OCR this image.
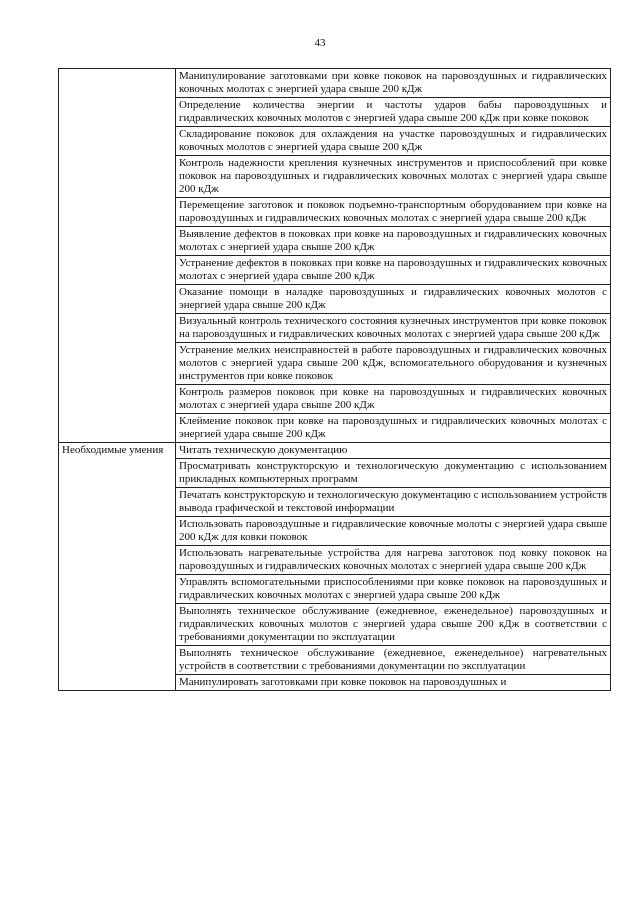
43
	Манипулирование заготовками при ковке поковок на паровоздушных и гидравлических ковочных молотах с энергией удара свыше 200 кДж
	Определение количества энергии и частоты ударов бабы паровоздушных и гидравлических ковочных молотов с энергией удара свыше 200 кДж при ковке поковок
	Складирование поковок для охлаждения на участке паровоздушных и гидравлических ковочных молотов с энергией удара свыше 200 кДж
	Контроль надежности крепления кузнечных инструментов и приспособлений при ковке поковок на паровоздушных и гидравлических ковочных молотах с энергией удара свыше 200 кДж
	Перемещение заготовок и поковок подъемно-транспортным оборудованием при ковке на паровоздушных и гидравлических ковочных молотах с энергией удара свыше 200 кДж
	Выявление дефектов в поковках при ковке на паровоздушных и гидравлических ковочных молотах с энергией удара свыше 200 кДж
	Устранение дефектов в поковках при ковке на паровоздушных и гидравлических ковочных молотах с энергией удара свыше 200 кДж
	Оказание помощи в наладке паровоздушных и гидравлических ковочных молотов с энергией удара свыше 200 кДж
	Визуальный контроль технического состояния кузнечных инструментов при ковке поковок на паровоздушных и гидравлических ковочных молотах с энергией удара свыше 200 кДж
	Устранение мелких неисправностей в работе паровоздушных и гидравлических ковочных молотов с энергией удара свыше 200 кДж, вспомогательного оборудования и кузнечных инструментов при ковке поковок
	Контроль размеров поковок при ковке на паровоздушных и гидравлических ковочных молотах с энергией удара свыше 200 кДж
	Клеймение поковок при ковке на паровоздушных и гидравлических ковочных молотах с энергией удара свыше 200 кДж
Необходимые умения	Читать техническую документацию
	Просматривать конструкторскую и технологическую документацию с использованием прикладных компьютерных программ
	Печатать конструкторскую и технологическую документацию с использованием устройств вывода графической и текстовой информации
	Использовать паровоздушные и гидравлические ковочные молоты с энергией удара свыше 200 кДж для ковки поковок
	Использовать нагревательные устройства для нагрева заготовок под ковку поковок на паровоздушных и гидравлических ковочных молотах с энергией удара свыше 200 кДж
	Управлять вспомогательными приспособлениями при ковке поковок на паровоздушных и гидравлических ковочных молотах с энергией удара свыше 200 кДж
	Выполнять техническое обслуживание (ежедневное, еженедельное) паровоздушных и гидравлических ковочных молотов с энергией удара свыше 200 кДж в соответствии с требованиями документации по эксплуатации
	Выполнять техническое обслуживание (ежедневное, еженедельное) нагревательных устройств в соответствии с требованиями документации по эксплуатации
	Манипулировать заготовками при ковке поковок на паровоздушных и
